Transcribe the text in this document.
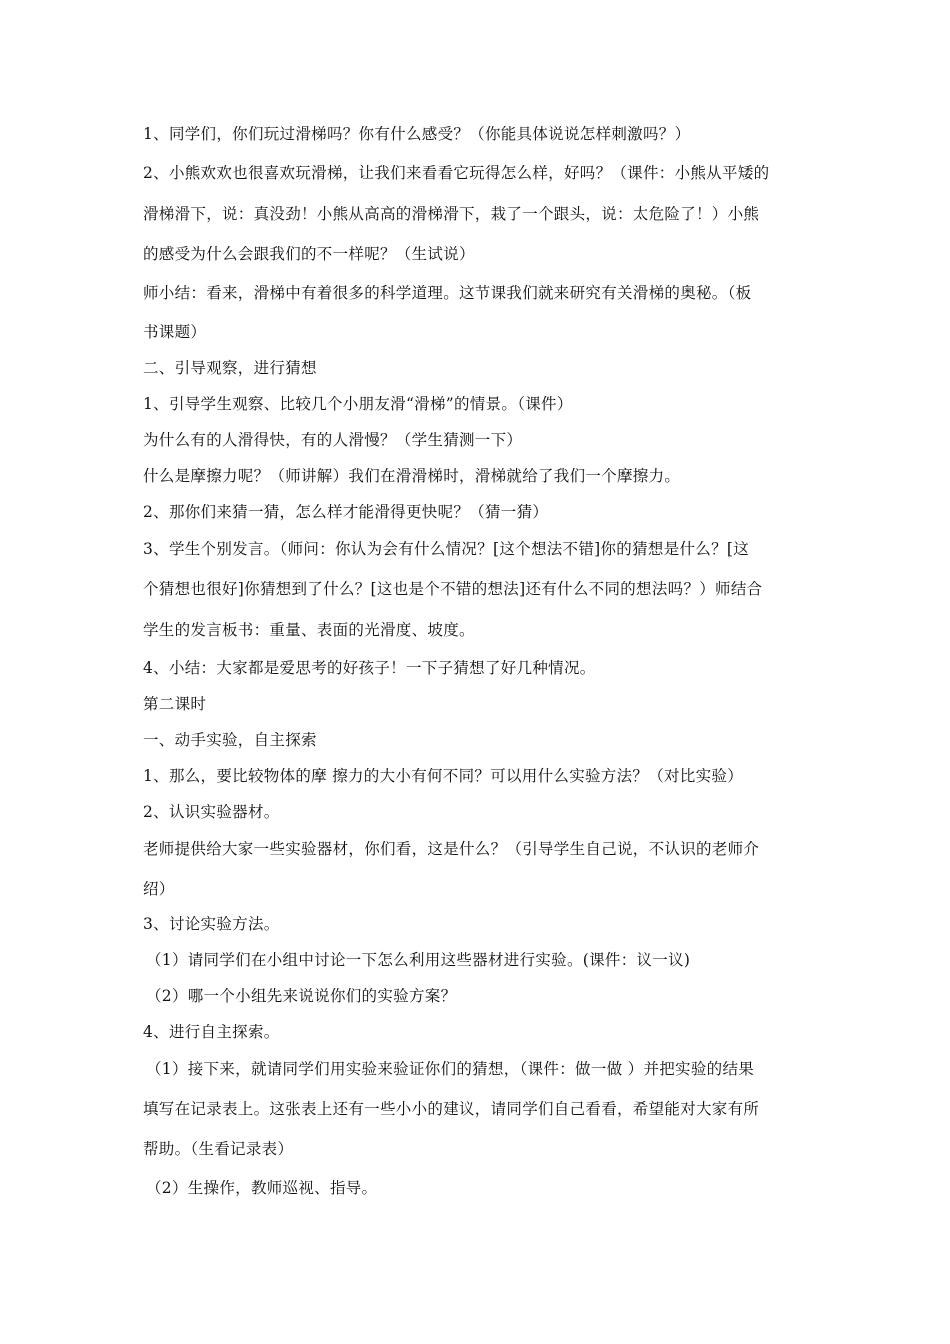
1、同学们，你们玩过滑梯吗？你有什么感受？（你能具体说说怎样刺激吗？）
2、小熊欢欢也很喜欢玩滑梯，让我们来看看它玩得怎么样，好吗？（课件：小熊从平矮的
滑梯滑下，说：真没劲！小熊从高高的滑梯滑下，栽了一个跟头，说：太危险了！）小熊
的感受为什么会跟我们的不一样呢？（生试说）
师小结：看来，滑梯中有着很多的科学道理。这节课我们就来研究有关滑梯的奥秘。（板
书课题）
二、引导观察，进行猜想
1、引导学生观察、比较几个小朋友滑“滑梯”的情景。（课件）
为什么有的人滑得快，有的人滑慢？（学生猜测一下）
什么是摩擦力呢？（师讲解）我们在滑滑梯时，滑梯就给了我们一个摩擦力。
2、那你们来猜一猜，怎么样才能滑得更快呢？（猜一猜）
3、学生个别发言。（师问：你认为会有什么情况？[这个想法不错]你的猜想是什么？[这
个猜想也很好]你猜想到了什么？[这也是个不错的想法]还有什么不同的想法吗？）师结合
学生的发言板书：重量、表面的光滑度、坡度。
4、小结：大家都是爱思考的好孩子！一下子猜想了好几种情况。
第二课时
一、动手实验，自主探索
1、那么，要比较物体的摩 擦力的大小有何不同？可以用什么实验方法？（对比实验）
2、认识实验器材。
老师提供给大家一些实验器材，你们看，这是什么？（引导学生自己说，不认识的老师介
绍）
3、讨论实验方法。
（1）请同学们在小组中讨论一下怎么利用这些器材进行实验。(课件：议一议)
（2）哪一个小组先来说说你们的实验方案？
4、进行自主探索。
（1）接下来，就请同学们用实验来验证你们的猜想，（课件：做一做 ）并把实验的结果
填写在记录表上。这张表上还有一些小小的建议，请同学们自己看看，希望能对大家有所
帮助。（生看记录表）
（2）生操作，教师巡视、指导。
